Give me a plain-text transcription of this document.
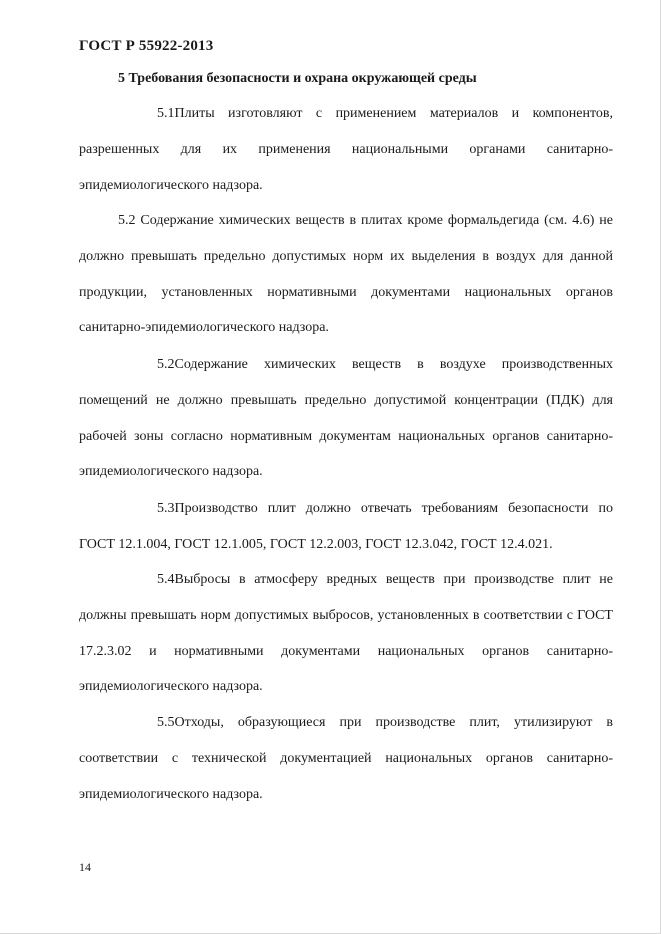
ГОСТ Р 55922-2013
5 Требования безопасности и охрана окружающей среды

5.1Плиты изготовляют с применением материалов и компонентов, разрешенных для их применения национальными органами санитарно-эпидемиологического надзора.

5.2 Содержание химических веществ в плитах кроме формальдегида (см. 4.6) не должно превышать предельно допустимых норм их выделения в воздух для данной продукции, установленных нормативными документами национальных органов санитарно-эпидемиологического надзора.

5.2Содержание химических веществ в воздухе производственных помещений не должно превышать предельно допустимой концентрации (ПДК) для рабочей зоны согласно нормативным документам национальных органов санитарно-эпидемиологического надзора.

5.3Производство плит должно отвечать требованиям безопасности по ГОСТ 12.1.004, ГОСТ 12.1.005, ГОСТ 12.2.003, ГОСТ 12.3.042, ГОСТ 12.4.021.

5.4Выбросы в атмосферу вредных веществ при производстве плит не должны превышать норм допустимых выбросов, установленных в соответствии с ГОСТ 17.2.3.02 и нормативными документами национальных органов санитарно-эпидемиологического надзора.

5.5Отходы, образующиеся при производстве плит, утилизируют в соответствии с технической документацией национальных органов санитарно-эпидемиологического надзора.

14
